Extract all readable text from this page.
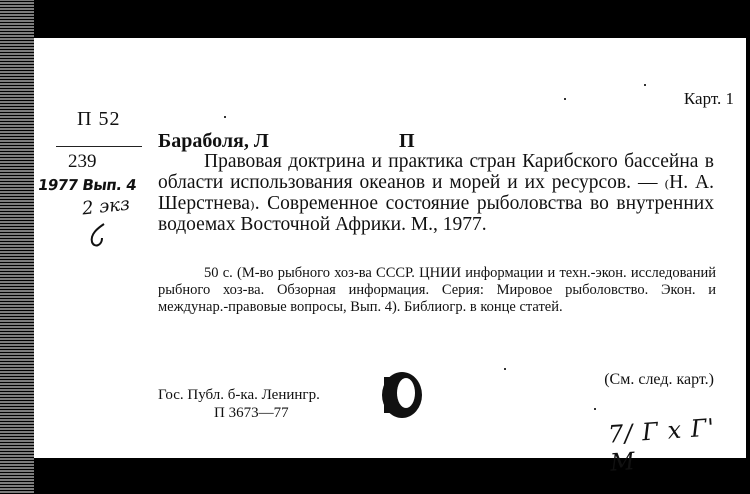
Карт. 1
П 52
239
1977 Вып. 4
2 экз
Бараболя, Л	П
Правовая доктрина и практика стран Карибского бассейна в области использования океанов и морей и их ресурсов. — ₍Н. А. Шерстнева₎. Современное состояние рыболовства во внутренних водоемах Восточной Африки. М., 1977.
50 с. (М-во рыбного хоз-ва СССР. ЦНИИ информации и техн.-экон. исследований рыбного хоз-ва. Обзорная информация. Серия: Мировое рыболовство. Экон. и междунар.-правовые вопросы, Вып. 4). Библиогр. в конце статей.
(См. след. карт.)
Гос. Публ. б-ка. Ленингр.
П 3673—77
7/ Г х Г' М
